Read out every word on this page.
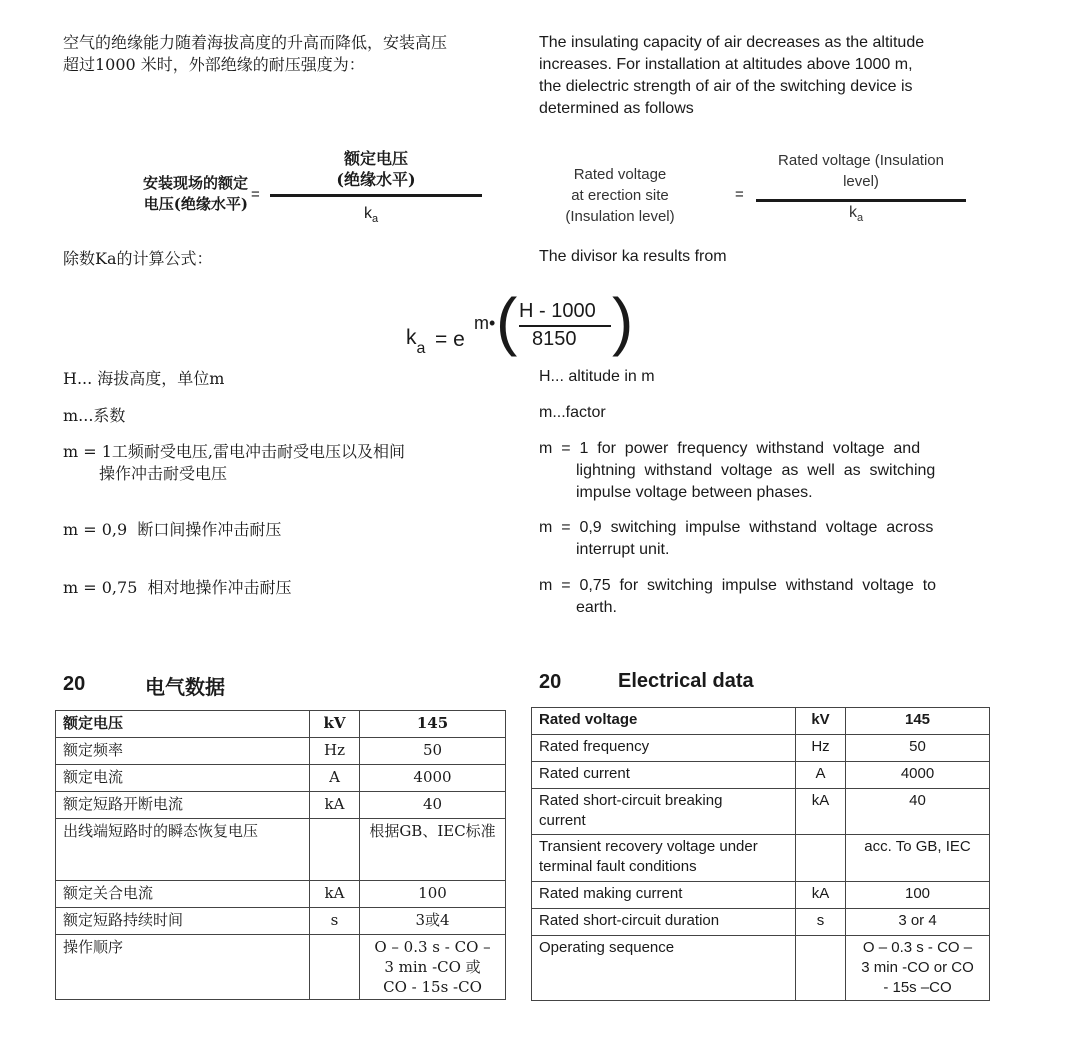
空气的绝缘能力随着海拔高度的升高而降低，安装高压
超过1000 米时，外部绝缘的耐压强度为：
The insulating capacity of air decreases as the altitude
increases. For installation at altitudes above 1000 m,
the dielectric strength of air of the switching device is
determined as follows
安装现场的额定
电压(绝缘水平)
=
额定电压
(绝缘水平)
$k_a$
Rated voltage
at erection site
(Insulation level)
=
Rated voltage (Insulation
level)
$k_a$
除数Ka的计算公式：	The divisor ka results from
$k_a = e$
m• ( H - 1000
8150 )
H... 海拔高度，单位m	H... altitude in m
m...系数	m...factor
m = 1工频耐受电压,雷电冲击耐受电压以及相间
操作冲击耐受电压
m  =  1  for  power  frequency  withstand  voltage  and
lightning  withstand  voltage  as  well  as  switching
impulse voltage between phases.
m = 0,9  断口间操作冲击耐压	m  =  0,9  switching  impulse  withstand  voltage  across
interrupt unit.
m = 0,75  相对地操作冲击耐压	m  =  0,75  for  switching  impulse  withstand  voltage  to
earth.
20	电气数据	20	Electrical data
额定电压	kV	145
额定频率	Hz	50
额定电流	A	4000
额定短路开断电流	kA	40
出线端短路时的瞬态恢复电压		根据GB、IEC标准
额定关合电流	kA	100
额定短路持续时间	s	3或4
操作顺序		O – 0.3 s - CO –
3 min -CO 或
CO - 15s -CO
Rated voltage	kV	145
Rated frequency	Hz	50
Rated current	A	4000
Rated short-circuit breaking
current	kA	40
Transient recovery voltage under
terminal fault conditions		acc. To GB, IEC
Rated making current	kA	100
Rated short-circuit duration	s	3 or 4
Operating sequence		O – 0.3 s - CO –
3 min -CO or CO
- 15s –CO
